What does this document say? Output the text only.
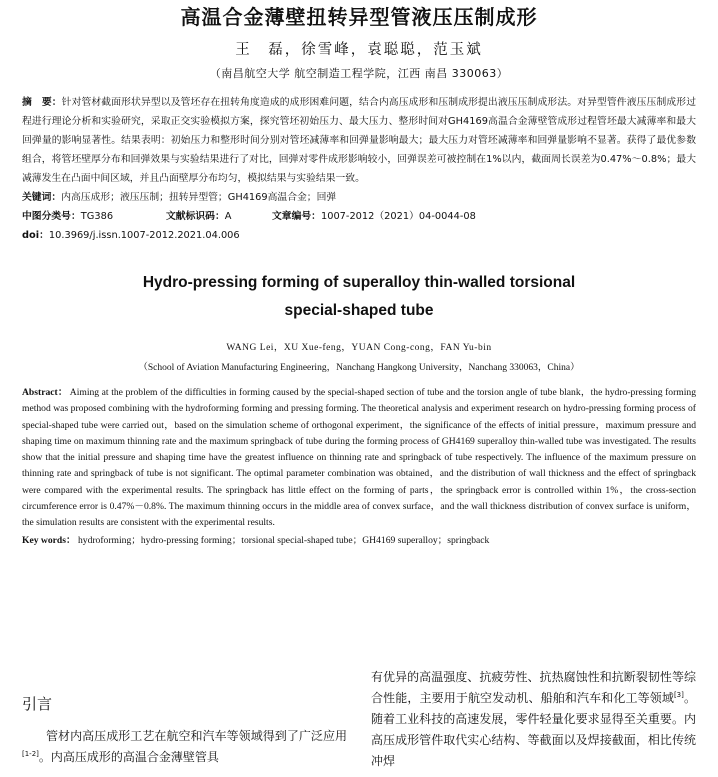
高温合金薄壁扭转异型管液压压制成形
王　磊，徐雪峰，袁聪聪，范玉斌
（南昌航空大学 航空制造工程学院，江西 南昌 330063）
摘　要：针对管材截面形状异型以及管坯存在扭转角度造成的成形困难问题，结合内高压成形和压制成形提出液压压制成形法。对异型管件液压压制成形过程进行理论分析和实验研究，采取正交实验模拟方案，探究管坯初始压力、最大压力、整形时间对GH4169高温合金薄壁管成形过程管坯最大减薄率和最大回弹量的影响显著性。结果表明：初始压力和整形时间分别对管坯减薄率和回弹量影响最大；最大压力对管坯减薄率和回弹量影响不显著。获得了最优参数组合，将管坯壁厚分布和回弹效果与实验结果进行了对比，回弹对零件成形影响较小，回弹误差可被控制在1%以内，截面周长误差为0.47%～0.8%；最大减薄发生在凸面中间区域，并且凸面壁厚分布均匀，模拟结果与实验结果一致。
关键词：内高压成形；液压压制；扭转异型管；GH4169高温合金；回弹
中图分类号：TG386	文献标识码：A	文章编号：1007-2012（2021）04-0044-08
doi：10.3969/j.issn.1007-2012.2021.04.006
Hydro-pressing forming of superalloy thin-walled torsional
special-shaped tube
WANG Lei，XU Xue-feng，YUAN Cong-cong，FAN Yu-bin
（School of Aviation Manufacturing Engineering，Nanchang Hangkong University，Nanchang 330063，China）
Abstract： Aiming at the problem of the difficulties in forming caused by the special-shaped section of tube and the torsion angle of tube blank，the hydro-pressing forming method was proposed combining with the hydroforming forming and pressing forming. The theoretical analysis and experiment research on hydro-pressing forming process of special-shaped tube were carried out，based on the simulation scheme of orthogonal experiment，the significance of the effects of initial pressure，maximum pressure and shaping time on maximum thinning rate and the maximum springback of tube during the forming process of GH4169 superalloy thin-walled tube was investigated. The results show that the initial pressure and shaping time have the greatest influence on thinning rate and springback of tube respectively. The influence of the maximum pressure on thinning rate and springback of tube is not significant. The optimal parameter combination was obtained，and the distribution of wall thickness and the effect of springback were compared with the experimental results. The springback has little effect on the forming of parts，the springback error is controlled within 1%，the cross-section circumference error is 0.47%－0.8%. The maximum thinning occurs in the middle area of convex surface，and the wall thickness distribution of convex surface is uniform，the simulation results are consistent with the experimental results.
Key words： hydroforming；hydro-pressing forming；torsional special-shaped tube；GH4169 superalloy；springback
引言
管材内高压成形工艺在航空和汽车等领域得到了广泛应用[1-2]。内高压成形的高温合金薄壁管具
有优异的高温强度、抗疲劳性、抗热腐蚀性和抗断裂韧性等综合性能，主要用于航空发动机、船舶和汽车和化工等领域[3]。随着工业科技的高速发展，零件轻量化要求显得至关重要。内高压成形管件取代实心结构、等截面以及焊接截面，相比传统冲焊
